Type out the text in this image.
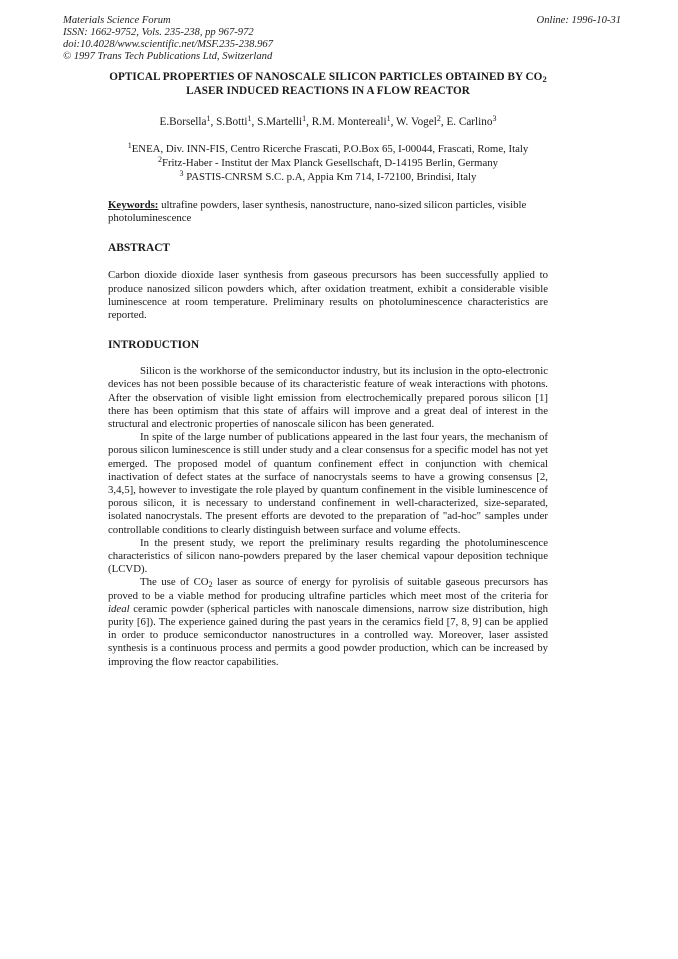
Materials Science Forum
ISSN: 1662-9752, Vols. 235-238, pp 967-972
doi:10.4028/www.scientific.net/MSF.235-238.967
© 1997 Trans Tech Publications Ltd, Switzerland
Online: 1996-10-31
OPTICAL PROPERTIES OF NANOSCALE SILICON PARTICLES OBTAINED BY $CO_2$
LASER INDUCED REACTIONS IN A FLOW REACTOR
E.Borsella$^1$, S.Botti$^1$, S.Martelli$^1$, R.M. Montereali$^1$, W. Vogel$^2$, E. Carlino$^3$
$^1$ENEA, Div. INN-FIS, Centro Ricerche Frascati, P.O.Box 65, I-00044, Frascati, Rome, Italy
$^2$Fritz-Haber - Institut der Max Planck Gesellschaft, D-14195 Berlin, Germany
$^3$ PASTIS-CNRSM S.C. p.A, Appia Km 714, I-72100, Brindisi, Italy
Keywords: ultrafine powders, laser synthesis, nanostructure, nano-sized silicon particles, visible photoluminescence
ABSTRACT

Carbon dioxide dioxide laser synthesis from gaseous precursors has been successfully applied to produce nanosized silicon powders which, after oxidation treatment, exhibit a considerable visible luminescence at room temperature. Preliminary results on photoluminescence characteristics are reported.

INTRODUCTION

Silicon is the workhorse of the semiconductor industry, but its inclusion in the opto-electronic devices has not been possible because of its characteristic feature of weak interactions with photons. After the observation of visible light emission from electrochemically prepared porous silicon [1] there has been optimism that this state of affairs will improve and a great deal of interest in the structural and electronic properties of nanoscale silicon has been generated.

In spite of the large number of publications appeared in the last four years, the mechanism of porous silicon luminescence is still under study and a clear consensus for a specific model has not yet emerged. The proposed model of quantum confinement effect in conjunction with chemical inactivation of defect states at the surface of nanocrystals seems to have a growing consensus [2, 3,4,5], however to investigate the role played by quantum confinement in the visible luminescence of porous silicon, it is necessary to understand confinement in well-characterized, size-separated, isolated nanocrystals. The present efforts are devoted to the preparation of "ad-hoc" samples under controllable conditions to clearly distinguish between surface and volume effects.

In the present study, we report the preliminary results regarding the photoluminescence characteristics of silicon nano-powders prepared by the laser chemical vapour deposition technique (LCVD).

The use of $CO_2$ laser as source of energy for pyrolisis of suitable gaseous precursors has proved to be a viable method for producing ultrafine particles which meet most of the criteria for ideal ceramic powder (spherical particles with nanoscale dimensions, narrow size distribution, high purity [6]). The experience gained during the past years in the ceramics field [7, 8, 9] can be applied in order to produce semiconductor nanostructures in a controlled way. Moreover, laser assisted synthesis is a continuous process and permits a good powder production, which can be increased by improving the flow reactor capabilities.
